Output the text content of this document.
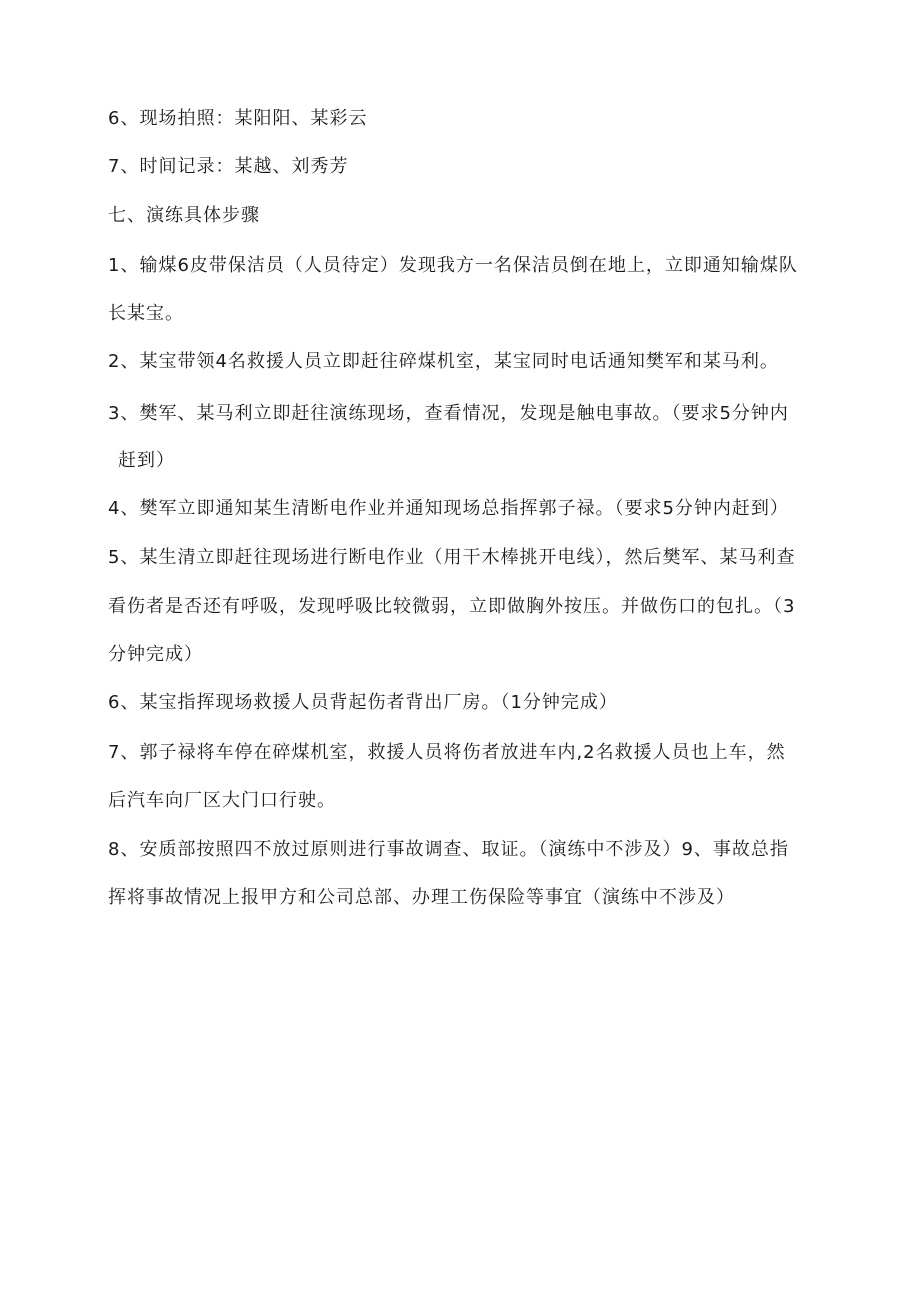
6、现场拍照：某阳阳、某彩云
7、时间记录：某越、刘秀芳
七、演练具体步骤
1、输煤6皮带保洁员（人员待定）发现我方一名保洁员倒在地上，立即通知输煤队
长某宝。
2、某宝带领4名救援人员立即赶往碎煤机室，某宝同时电话通知樊军和某马利。
3、樊军、某马利立即赶往演练现场，查看情况，发现是触电事故。（要求5分钟内
赶到）
4、樊军立即通知某生清断电作业并通知现场总指挥郭子禄。（要求5分钟内赶到）
5、某生清立即赶往现场进行断电作业（用干木棒挑开电线），然后樊军、某马利查
看伤者是否还有呼吸，发现呼吸比较微弱，立即做胸外按压。并做伤口的包扎。（3
分钟完成）
6、某宝指挥现场救援人员背起伤者背出厂房。（1分钟完成）
7、郭子禄将车停在碎煤机室，救援人员将伤者放进车内,2名救援人员也上车，然
后汽车向厂区大门口行驶。
8、安质部按照四不放过原则进行事故调查、取证。（演练中不涉及）9、事故总指
挥将事故情况上报甲方和公司总部、办理工伤保险等事宜（演练中不涉及）
